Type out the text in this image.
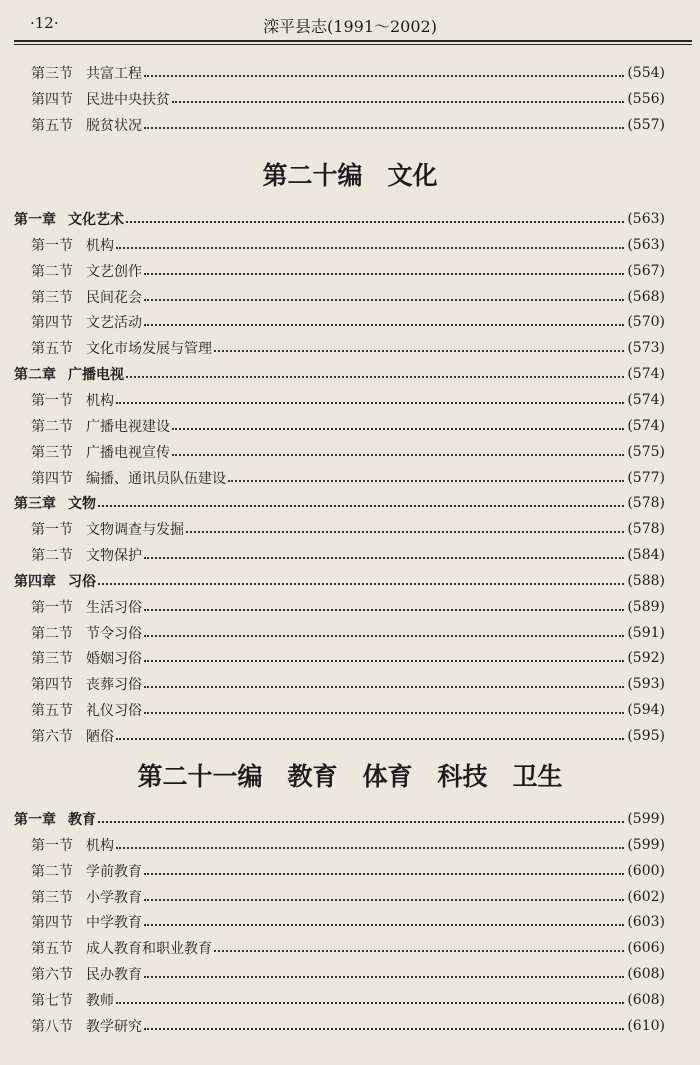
·12·	滦平县志(1991～2002)
第三节 共富工程	(554)
第四节 民进中央扶贫	(556)
第五节 脱贫状况	(557)
第二十编　文化
第一章 文化艺术	(563)
第一节 机构	(563)
第二节 文艺创作	(567)
第三节 民间花会	(568)
第四节 文艺活动	(570)
第五节 文化市场发展与管理	(573)
第二章 广播电视	(574)
第一节 机构	(574)
第二节 广播电视建设	(574)
第三节 广播电视宣传	(575)
第四节 编播、通讯员队伍建设	(577)
第三章 文物	(578)
第一节 文物调查与发掘	(578)
第二节 文物保护	(584)
第四章 习俗	(588)
第一节 生活习俗	(589)
第二节 节令习俗	(591)
第三节 婚姻习俗	(592)
第四节 丧葬习俗	(593)
第五节 礼仪习俗	(594)
第六节 陋俗	(595)
第二十一编　教育　体育　科技　卫生
第一章 教育	(599)
第一节 机构	(599)
第二节 学前教育	(600)
第三节 小学教育	(602)
第四节 中学教育	(603)
第五节 成人教育和职业教育	(606)
第六节 民办教育	(608)
第七节 教师	(608)
第八节 教学研究	(610)
